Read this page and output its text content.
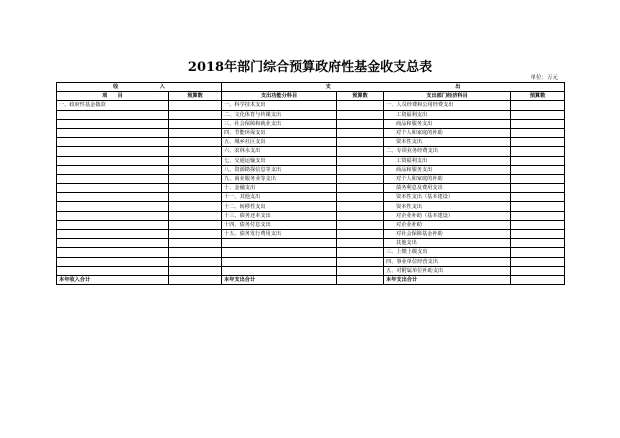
2018年部门综合预算政府性基金收支总表
单位：万元
收　　　　　　　　入		支　　　　　　　　　　　　　　　　　　　　　　　　出			
项　　目	预算数	支出功能分科目	预算数	支出部门经济科目	预算数
一、政府性基金拨款		一、科学技术支出		一、人员经费和公用经费支出	
		二、文化体育与传媒支出		工资福利支出	
		三、社会保障和就业支出		商品和服务支出	
		四、节能环保支出		对个人和家庭的补助	
		五、城乡社区支出		资本性支出	
		六、农林水支出		二、专项业务经费支出	
		七、交通运输支出		工资福利支出	
		八、资源勘探信息等支出		商品和服务支出	
		九、商业服务业等支出		对个人和家庭的补助	
		十、金融支出		债务利息及费用支出	
		十一、其他支出		资本性支出（基本建设）	
		十二、转移性支出		资本性支出	
		十三、债务还本支出		对企业补助（基本建设）	
		十四、债务付息支出		对企业补助	
		十五、债务发行费用支出		对社会保障基金补助	
				其他支出	
				三、上缴上级支出	
				四、事业单位经营支出	
				五、对附属单位补助支出	
本年收入合计		本年支出合计		本年支出合计	
